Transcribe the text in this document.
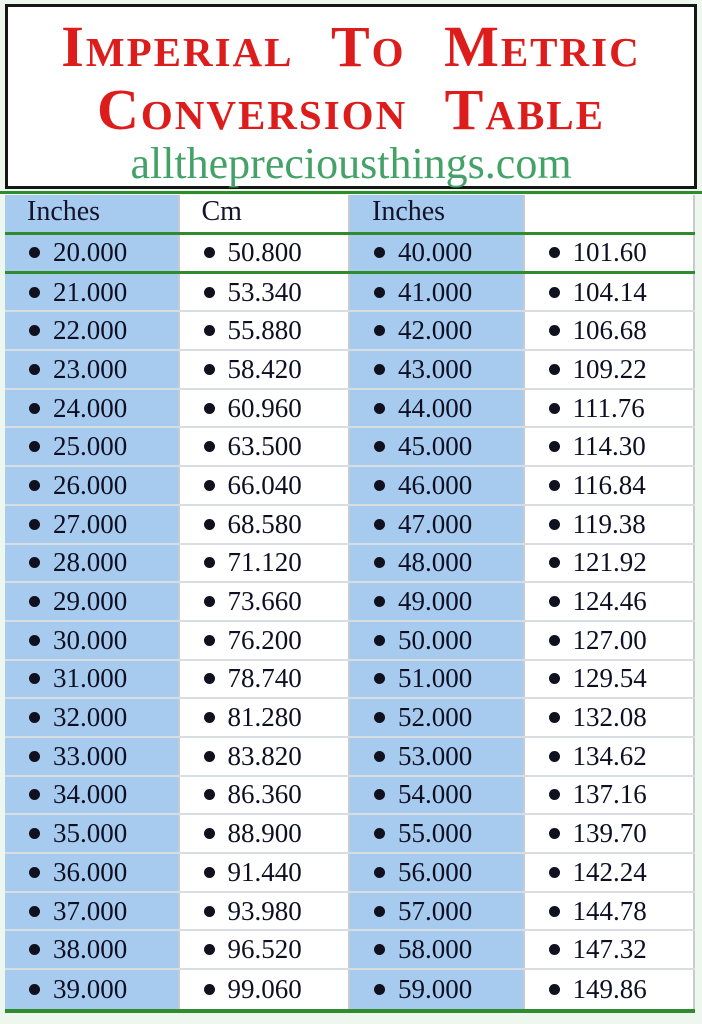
Imperial To Metric
Conversion Table
allthepreciousthings.com
Inches	Cm	Inches
20.000	50.800	40.000	101.60
21.000	53.340	41.000	104.14
22.000	55.880	42.000	106.68
23.000	58.420	43.000	109.22
24.000	60.960	44.000	111.76
25.000	63.500	45.000	114.30
26.000	66.040	46.000	116.84
27.000	68.580	47.000	119.38
28.000	71.120	48.000	121.92
29.000	73.660	49.000	124.46
30.000	76.200	50.000	127.00
31.000	78.740	51.000	129.54
32.000	81.280	52.000	132.08
33.000	83.820	53.000	134.62
34.000	86.360	54.000	137.16
35.000	88.900	55.000	139.70
36.000	91.440	56.000	142.24
37.000	93.980	57.000	144.78
38.000	96.520	58.000	147.32
39.000	99.060	59.000	149.86
